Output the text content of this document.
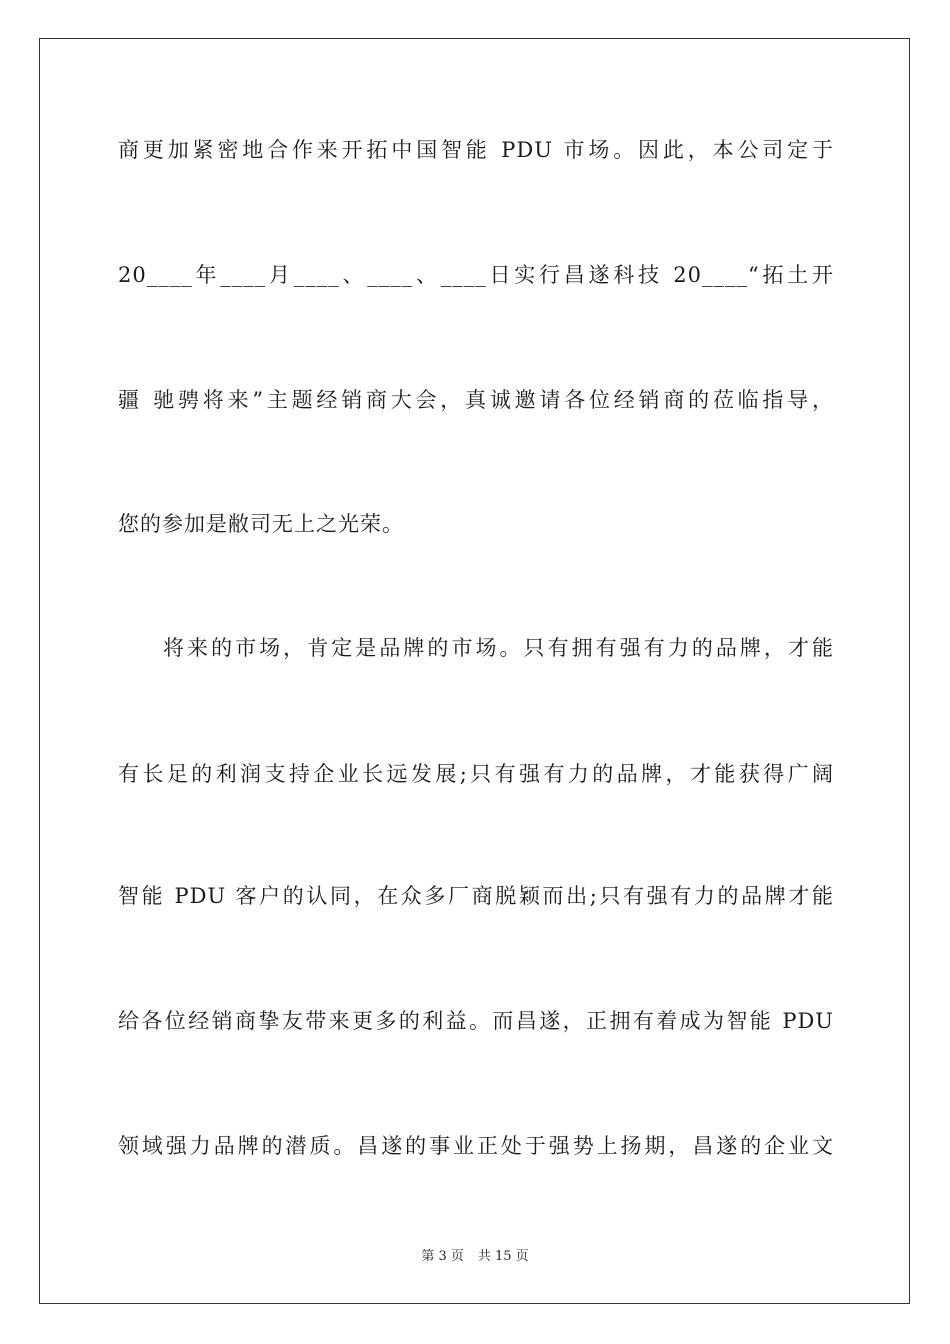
商更加紧密地合作来开拓中国智能 PDU 市场。因此，本公司定于
20____年____月____、____、____日实行昌遂科技 20____“拓土开
疆 驰骋将来”主题经销商大会，真诚邀请各位经销商的莅临指导，
您的参加是敝司无上之光荣。
将来的市场，肯定是品牌的市场。只有拥有强有力的品牌，才能
有长足的利润支持企业长远发展;只有强有力的品牌，才能获得广阔
智能 PDU 客户的认同，在众多厂商脱颖而出;只有强有力的品牌才能
给各位经销商挚友带来更多的利益。而昌遂，正拥有着成为智能 PDU
领域强力品牌的潜质。昌遂的事业正处于强势上扬期，昌遂的企业文
第 3 页 共 15 页
